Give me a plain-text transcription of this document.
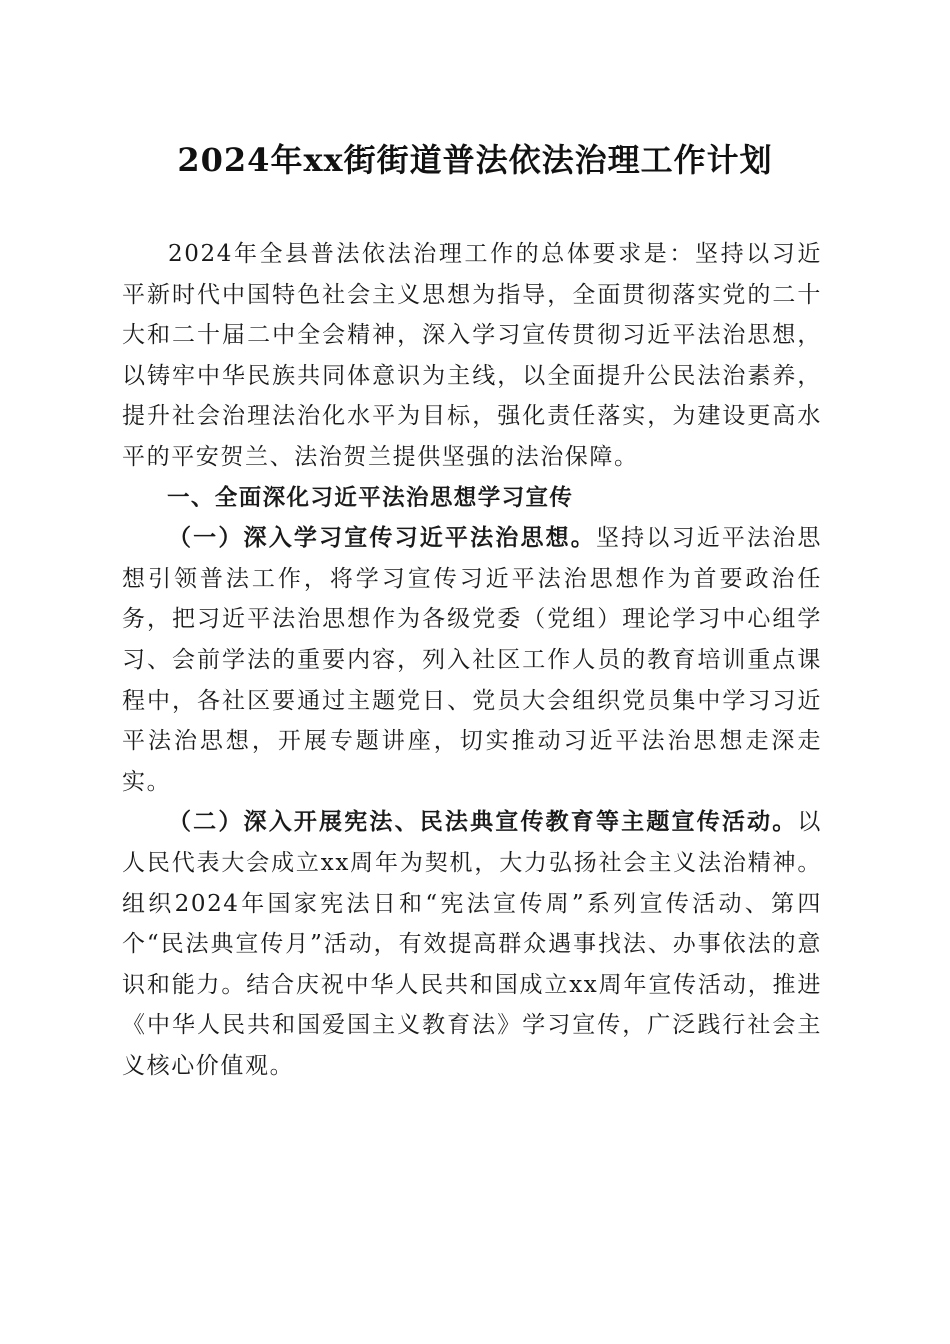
2024年xx街街道普法依法治理工作计划

2024年全县普法依法治理工作的总体要求是：坚持以习近平新时代中国特色社会主义思想为指导，全面贯彻落实党的二十大和二十届二中全会精神，深入学习宣传贯彻习近平法治思想，以铸牢中华民族共同体意识为主线，以全面提升公民法治素养，提升社会治理法治化水平为目标，强化责任落实，为建设更高水平的平安贺兰、法治贺兰提供坚强的法治保障。

一、全面深化习近平法治思想学习宣传

（一）深入学习宣传习近平法治思想。坚持以习近平法治思想引领普法工作，将学习宣传习近平法治思想作为首要政治任务，把习近平法治思想作为各级党委（党组）理论学习中心组学习、会前学法的重要内容，列入社区工作人员的教育培训重点课程中，各社区要通过主题党日、党员大会组织党员集中学习习近平法治思想，开展专题讲座，切实推动习近平法治思想走深走实。

（二）深入开展宪法、民法典宣传教育等主题宣传活动。以人民代表大会成立xx周年为契机，大力弘扬社会主义法治精神。组织2024年国家宪法日和“宪法宣传周”系列宣传活动、第四个“民法典宣传月”活动，有效提高群众遇事找法、办事依法的意识和能力。结合庆祝中华人民共和国成立xx周年宣传活动，推进《中华人民共和国爱国主义教育法》学习宣传，广泛践行社会主义核心价值观。
